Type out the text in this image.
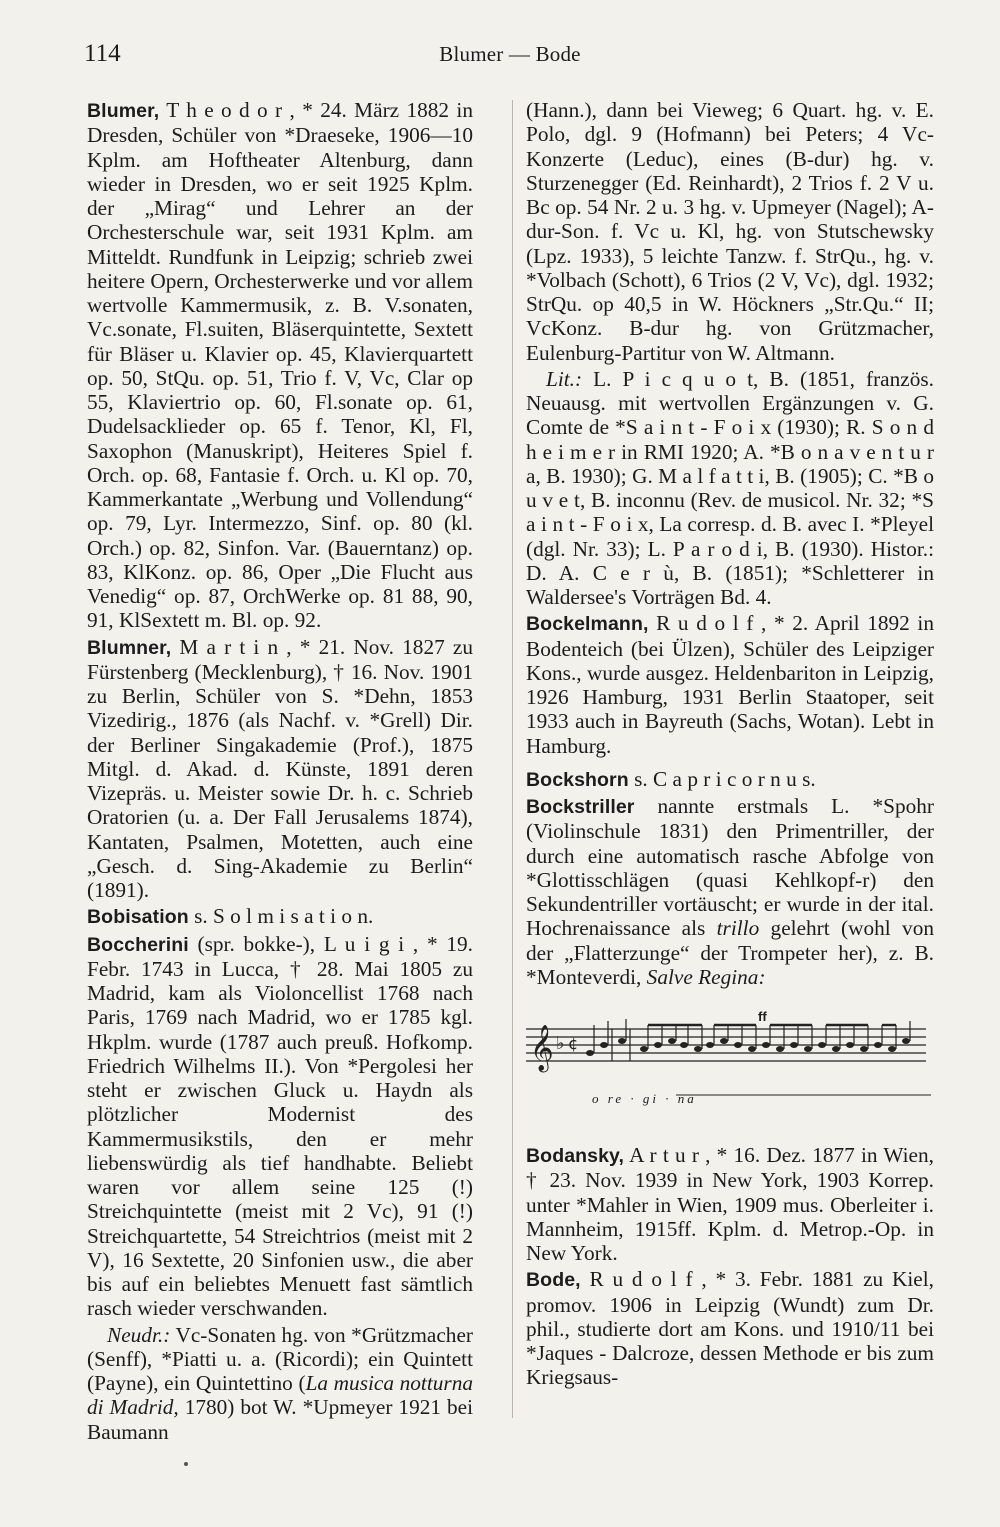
114	Blumer — Bode

Blumer, T h e o d o r , * 24. März 1882 in Dresden, Schüler von *Draeseke, 1906—10 Kplm. am Hoftheater Altenburg, dann wieder in Dresden, wo er seit 1925 Kplm. der „Mirag“ und Lehrer an der Orchesterschule war, seit 1931 Kplm. am Mitteldt. Rundfunk in Leipzig; schrieb zwei heitere Opern, Orchesterwerke und vor allem wertvolle Kammermusik, z. B. V.sonaten, Vc.sonate, Fl.suiten, Bläserquintette, Sextett für Bläser u. Klavier op. 45, Klavierquartett op. 50, StQu. op. 51, Trio f. V, Vc, Clar op 55, Klaviertrio op. 60, Fl.sonate op. 61, Dudelsacklieder op. 65 f. Tenor, Kl, Fl, Saxophon (Manuskript), Heiteres Spiel f. Orch. op. 68, Fantasie f. Orch. u. Kl op. 70, Kammerkantate „Werbung und Vollendung“ op. 79, Lyr. Intermezzo, Sinf. op. 80 (kl. Orch.) op. 82, Sinfon. Var. (Bauerntanz) op. 83, KlKonz. op. 86, Oper „Die Flucht aus Venedig“ op. 87, OrchWerke op. 81 88, 90, 91, KlSextett m. Bl. op. 92.

Blumner, M a r t i n , * 21. Nov. 1827 zu Fürstenberg (Mecklenburg), † 16. Nov. 1901 zu Berlin, Schüler von S. *Dehn, 1853 Vizedirig., 1876 (als Nachf. v. *Grell) Dir. der Berliner Singakademie (Prof.), 1875 Mitgl. d. Akad. d. Künste, 1891 deren Vizepräs. u. Meister sowie Dr. h. c. Schrieb Oratorien (u. a. Der Fall Jerusalems 1874), Kantaten, Psalmen, Motetten, auch eine „Gesch. d. Sing-Akademie zu Berlin“ (1891).

Bobisation s. S o l m i s a t i o n.

Boccherini (spr. bokke-), L u i g i , * 19. Febr. 1743 in Lucca, † 28. Mai 1805 zu Madrid, kam als Violoncellist 1768 nach Paris, 1769 nach Madrid, wo er 1785 kgl. Hkplm. wurde (1787 auch preuß. Hofkomp. Friedrich Wilhelms II.). Von *Pergolesi her steht er zwischen Gluck u. Haydn als plötzlicher Modernist des Kammermusikstils, den er mehr liebenswürdig als tief handhabte. Beliebt waren vor allem seine 125 (!) Streichquintette (meist mit 2 Vc), 91 (!) Streichquartette, 54 Streichtrios (meist mit 2 V), 16 Sextette, 20 Sinfonien usw., die aber bis auf ein beliebtes Menuett fast sämtlich rasch wieder verschwanden.

Neudr.: Vc-Sonaten hg. von *Grützmacher (Senff), *Piatti u. a. (Ricordi); ein Quintett (Payne), ein Quintettino (La musica notturna di Madrid, 1780) bot W. *Upmeyer 1921 bei Baumann

(Hann.), dann bei Vieweg; 6 Quart. hg. v. E. Polo, dgl. 9 (Hofmann) bei Peters; 4 Vc-Konzerte (Leduc), eines (B-dur) hg. v. Sturzenegger (Ed. Reinhardt), 2 Trios f. 2 V u. Bc op. 54 Nr. 2 u. 3 hg. v. Upmeyer (Nagel); A-dur-Son. f. Vc u. Kl, hg. von Stutschewsky (Lpz. 1933), 5 leichte Tanzw. f. StrQu., hg. v. *Volbach (Schott), 6 Trios (2 V, Vc), dgl. 1932; StrQu. op 40,5 in W. Höckners „Str.Qu.“ II; VcKonz. B-dur hg. von Grützmacher, Eulenburg-Partitur von W. Altmann.

Lit.: L. P i c q u o t, B. (1851, französ. Neuausg. mit wertvollen Ergänzungen v. G. Comte de *S a i n t - F o i x (1930); R. S o n d h e i m e r in RMI 1920; A. *B o n a v e n t u r a, B. 1930); G. M a l f a t t i, B. (1905); C. *B o u v e t, B. inconnu (Rev. de musicol. Nr. 32; *S a i n t - F o i x, La corresp. d. B. avec I. *Pleyel (dgl. Nr. 33); L. P a r o d i, B. (1930). Histor.: D. A. C e r ù, B. (1851); *Schletterer in Waldersee's Vorträgen Bd. 4.

Bockelmann, R u d o l f , * 2. April 1892 in Bodenteich (bei Ülzen), Schüler des Leipziger Kons., wurde ausgez. Heldenbariton in Leipzig, 1926 Hamburg, 1931 Berlin Staatoper, seit 1933 auch in Bayreuth (Sachs, Wotan). Lebt in Hamburg.

Bockshorn s. C a p r i c o r n u s.

Bockstriller nannte erstmals L. *Spohr (Violinschule 1831) den Primentriller, der durch eine automatisch rasche Abfolge von *Glottisschlägen (quasi Kehlkopf-r) den Sekundentriller vortäuscht; er wurde in der ital. Hochrenaissance als trillo gelehrt (wohl von der „Flatterzunge“ der Trompeter her), z. B. *Monteverdi, Salve Regina:

ff
𝄞 ♭ ¢
o re · gi · na

Bodansky, A r t u r , * 16. Dez. 1877 in Wien, † 23. Nov. 1939 in New York, 1903 Korrep. unter *Mahler in Wien, 1909 mus. Oberleiter i. Mannheim, 1915ff. Kplm. d. Metrop.-Op. in New York.

Bode, R u d o l f , * 3. Febr. 1881 zu Kiel, promov. 1906 in Leipzig (Wundt) zum Dr. phil., studierte dort am Kons. und 1910/11 bei *Jaques - Dalcroze, dessen Methode er bis zum Kriegsaus-
